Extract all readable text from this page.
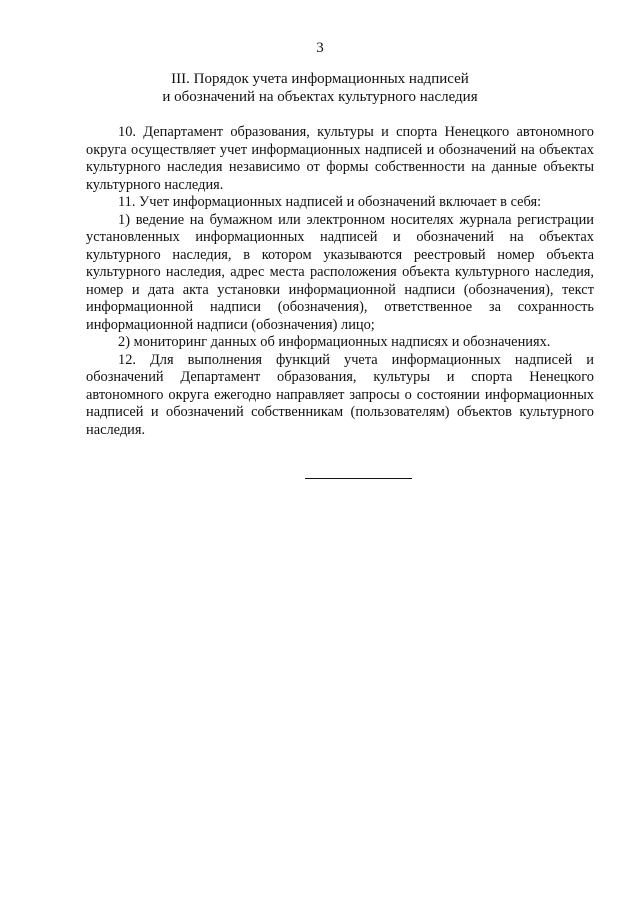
3
III. Порядок учета информационных надписей
и обозначений на объектах культурного наследия

10. Департамент образования, культуры и спорта Ненецкого автономного округа осуществляет учет информационных надписей и обозначений на объектах культурного наследия независимо от формы собственности на данные объекты культурного наследия.

11. Учет информационных надписей и обозначений включает в себя:

1) ведение на бумажном или электронном носителях журнала регистрации установленных информационных надписей и обозначений на объектах культурного наследия, в котором указываются реестровый номер объекта культурного наследия, адрес места расположения объекта культурного наследия, номер и дата акта установки информационной надписи (обозначения), текст информационной надписи (обозначения), ответственное за сохранность информационной надписи (обозначения) лицо;

2) мониторинг данных об информационных надписях и обозначениях.

12. Для выполнения функций учета информационных надписей и обозначений Департамент образования, культуры и спорта Ненецкого автономного округа ежегодно направляет запросы о состоянии информационных надписей и обозначений собственникам (пользователям) объектов культурного наследия.
